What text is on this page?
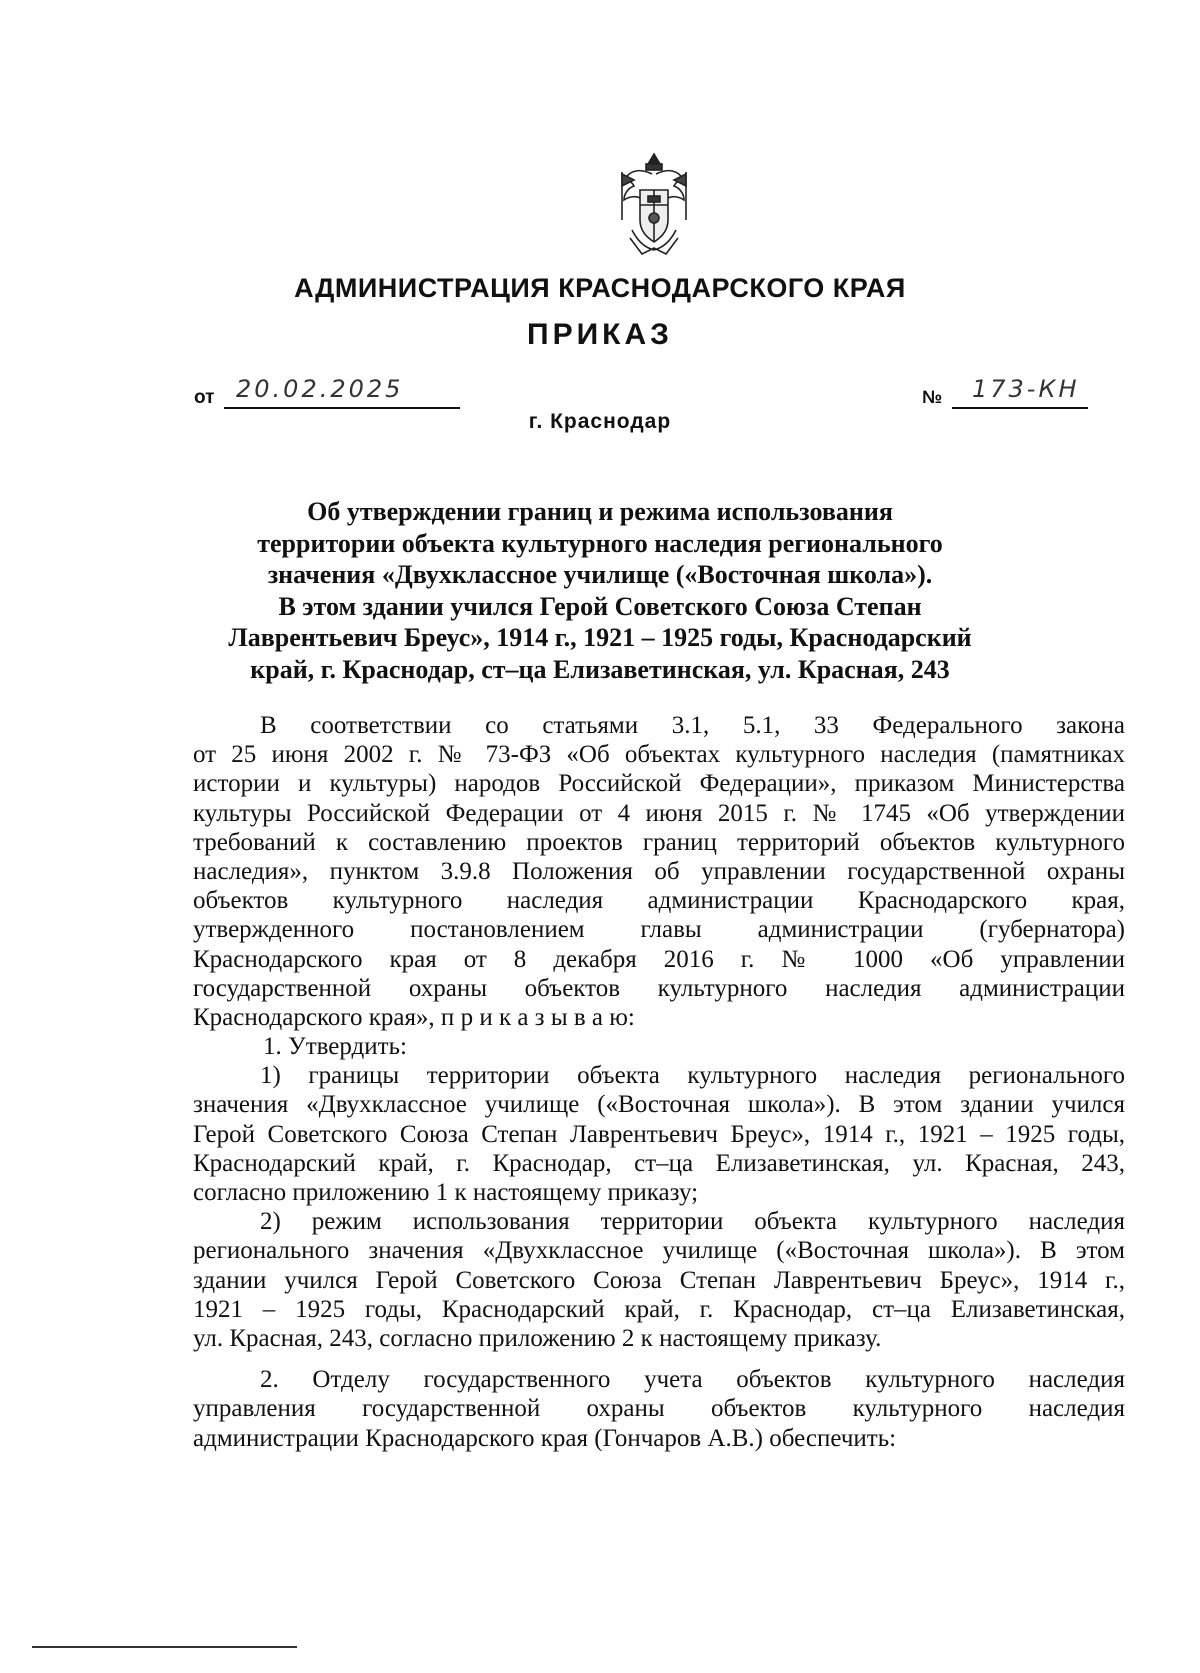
АДМИНИСТРАЦИЯ КРАСНОДАРСКОГО КРАЯ
ПРИКАЗ
от 20.02.2025	№ 173-КН
г. Краснодар
Об утверждении границ и режима использования
территории объекта культурного наследия регионального
значения «Двухклассное училище («Восточная школа»).
В этом здании учился Герой Советского Союза Степан
Лаврентьевич Бреус», 1914 г., 1921 – 1925 годы, Краснодарский
край, г. Краснодар, ст–ца Елизаветинская, ул. Красная, 243
В соответствии со статьями 3.1, 5.1, 33 Федерального закона
от 25 июня 2002 г. № 73-ФЗ «Об объектах культурного наследия (памятниках
истории и культуры) народов Российской Федерации», приказом Министерства
культуры Российской Федерации от 4 июня 2015 г. № 1745 «Об утверждении
требований к составлению проектов границ территорий объектов культурного
наследия», пунктом 3.9.8 Положения об управлении государственной охраны
объектов культурного наследия администрации Краснодарского края,
утвержденного постановлением главы администрации (губернатора)
Краснодарского края от 8 декабря 2016 г. № 1000 «Об управлении
государственной охраны объектов культурного наследия администрации
Краснодарского края», п р и к а з ы в а ю:
1. Утвердить:
1) границы территории объекта культурного наследия регионального
значения «Двухклассное училище («Восточная школа»). В этом здании учился
Герой Советского Союза Степан Лаврентьевич Бреус», 1914 г., 1921 – 1925 годы,
Краснодарский край, г. Краснодар, ст–ца Елизаветинская, ул. Красная, 243,
согласно приложению 1 к настоящему приказу;
2) режим использования территории объекта культурного наследия
регионального значения «Двухклассное училище («Восточная школа»). В этом
здании учился Герой Советского Союза Степан Лаврентьевич Бреус», 1914 г.,
1921 – 1925 годы, Краснодарский край, г. Краснодар, ст–ца Елизаветинская,
ул. Красная, 243, согласно приложению 2 к настоящему приказу.
2. Отделу государственного учета объектов культурного наследия
управления государственной охраны объектов культурного наследия
администрации Краснодарского края (Гончаров А.В.) обеспечить:
